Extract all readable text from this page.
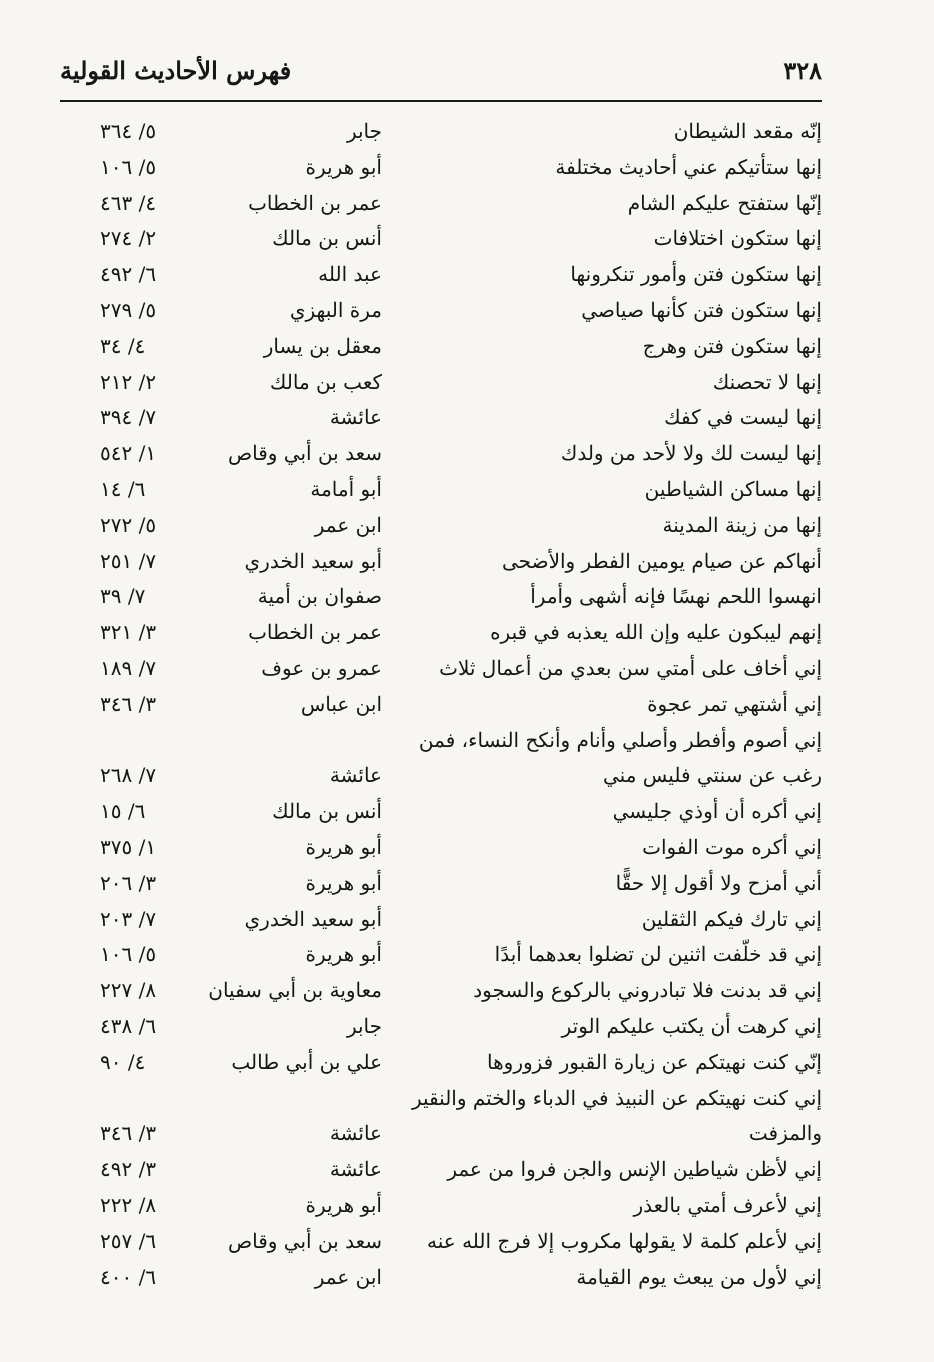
٣٢٨
فهرس الأحاديث القولية
إنّه مقعد الشيطان
جابر
٥/ ٣٦٤
إنها ستأتيكم عني أحاديث مختلفة
أبو هريرة
٥/ ١٠٦
إنّها ستفتح عليكم الشام
عمر بن الخطاب
٤/ ٤٦٣
إنها ستكون اختلافات
أنس بن مالك
٢/ ٢٧٤
إنها ستكون فتن وأمور تنكرونها
عبد الله
٦/ ٤٩٢
إنها ستكون فتن كأنها صياصي
مرة البهزي
٥/ ٢٧٩
إنها ستكون فتن وهرج
معقل بن يسار
٤/ ٣٤
إنها لا تحصنك
كعب بن مالك
٢/ ٢١٢
إنها ليست في كفك
عائشة
٧/ ٣٩٤
إنها ليست لك ولا لأحد من ولدك
سعد بن أبي وقاص
١/ ٥٤٢
إنها مساكن الشياطين
أبو أمامة
٦/ ١٤
إنها من زينة المدينة
ابن عمر
٥/ ٢٧٢
أنهاكم عن صيام يومين الفطر والأضحى
أبو سعيد الخدري
٧/ ٢٥١
انهسوا اللحم نهسًا فإنه أشهى وأمرأ
صفوان بن أمية
٧/ ٣٩
إنهم ليبكون عليه وإن الله يعذبه في قبره
عمر بن الخطاب
٣/ ٣٢١
إني أخاف على أمتي سن بعدي من أعمال ثلاث
عمرو بن عوف
٧/ ١٨٩
إني أشتهي تمر عجوة
ابن عباس
٣/ ٣٤٦
إني أصوم وأفطر وأصلي وأنام وأنكح النساء، فمن رغب عن سنتي فليس مني
عائشة
٧/ ٢٦٨
إني أكره أن أوذي جليسي
أنس بن مالك
٦/ ١٥
إني أكره موت الفوات
أبو هريرة
١/ ٣٧٥
أني أمزح ولا أقول إلا حقًّا
أبو هريرة
٣/ ٢٠٦
إني تارك فيكم الثقلين
أبو سعيد الخدري
٧/ ٢٠٣
إني قد خلّفت اثنين لن تضلوا بعدهما أبدًا
أبو هريرة
٥/ ١٠٦
إني قد بدنت فلا تبادروني بالركوع والسجود
معاوية بن أبي سفيان
٨/ ٢٢٧
إني كرهت أن يكتب عليكم الوتر
جابر
٦/ ٤٣٨
إنّي كنت نهيتكم عن زيارة القبور فزوروها
علي بن أبي طالب
٤/ ٩٠
إني كنت نهيتكم عن النبيذ في الدباء والختم والنقير والمزفت
عائشة
٣/ ٣٤٦
إني لأظن شياطين الإنس والجن فروا من عمر
عائشة
٣/ ٤٩٢
إني لأعرف أمتي بالعذر
أبو هريرة
٨/ ٢٢٢
إني لأعلم كلمة لا يقولها مكروب إلا فرج الله عنه
سعد بن أبي وقاص
٦/ ٢٥٧
إني لأول من يبعث يوم القيامة
ابن عمر
٦/ ٤٠٠
